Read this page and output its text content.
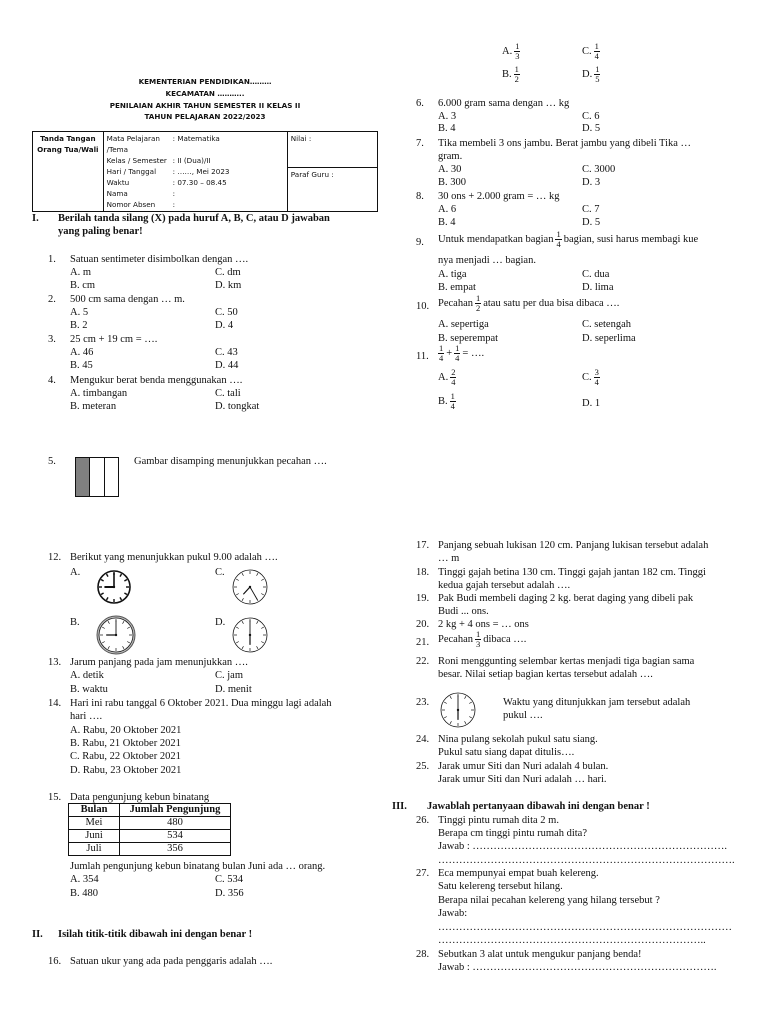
KEMENTERIAN PENDIDIKAN………
KECAMATAN ………..
PENILAIAN AKHIR TAHUN SEMESTER II KELAS II
TAHUN PELAJARAN 2022/2023
Tanda Tangan
Orang Tua/Wali

Mata Pelajaran /Tema
: Matematika
Kelas / Semester : II (Dua)/II
Hari / Tanggal	: ……, Mei 2023
Waktu	: 07.30 – 08.45
Nama	:
Nomor Absen	:

Nilai :
Paraf Guru :
I. Berilah tanda silang (X) pada huruf A, B, C, atau D jawaban
yang paling benar!
1. Satuan sentimeter disimbolkan dengan ….
A. m	C. dm
B. cm	D. km
2. 500 cm sama dengan … m.
A. 5	C. 50
B. 2	D. 4
3. 25 cm + 19 cm = ….
A. 46	C. 43
B. 45	D. 44
4. Mengukur berat benda menggunakan ….
A. timbangan	C. tali
B. meteran	D. tongkat
5.	Gambar disamping menunjukkan pecahan ….
A. $\frac{1}{3}$	C. $\frac{1}{4}$
B. $\frac{1}{2}$	D. $\frac{1}{5}$
6. 6.000 gram sama dengan … kg
A. 3	C. 6
B. 4	D. 5
7. Tika membeli 3 ons jambu. Berat jambu yang dibeli Tika …
gram.
A. 30	C. 3000
B. 300	D. 3
8. 30 ons + 2.000 gram = … kg
A. 6	C. 7
B. 4	D. 5
9. Untuk mendapatkan bagian $\frac{1}{4}$ bagian, susi harus membagi kue
nya menjadi … bagian.
A. tiga	C. dua
B. empat	D. lima
10. Pecahan $\frac{1}{2}$ atau satu per dua bisa dibaca ….
A. sepertiga	C. setengah
B. seperempat	D. seperlima
11. $\frac{1}{4} + \frac{1}{4}$ = ….
A. $\frac{2}{4}$	C. $\frac{3}{4}$
B. $\frac{1}{4}$	D. 1
12. Berikut yang menunjukkan pukul 9.00 adalah ….
A.	C.
B.	D.
13. Jarum panjang pada jam menunjukkan ….
A. detik	C. jam
B. waktu	D. menit
14. Hari ini rabu tanggal 6 Oktober 2021. Dua minggu lagi adalah
hari ….
A. Rabu, 20 Oktober 2021
B. Rabu, 21 Oktober 2021
C. Rabu, 22 Oktober 2021
D. Rabu, 23 Oktober 2021
15. Data pengunjung kebun binatang
Bulan	Jumlah Pengunjung
Mei	480
Juni	534
Juli	356
Jumlah pengunjung kebun binatang bulan Juni ada … orang.
A. 354	C. 534
B. 480	D. 356
II. Isilah titik-titik dibawah ini dengan benar !
16. Satuan ukur yang ada pada penggaris adalah ….
17. Panjang sebuah lukisan 120 cm. Panjang lukisan tersebut adalah
… m
18. Tinggi gajah betina 130 cm. Tinggi gajah jantan 182 cm. Tinggi
kedua gajah tersebut adalah ….
19. Pak Budi membeli daging 2 kg. berat daging yang dibeli pak
Budi ... ons.
20. 2 kg + 4 ons = … ons
21. Pecahan $\frac{1}{3}$ dibaca ….
22. Roni menggunting selembar kertas menjadi tiga bagian sama
besar. Nilai setiap bagian kertas tersebut adalah ….
23.	Waktu yang ditunjukkan jam tersebut adalah
pukul ….
24. Nina pulang sekolah pukul satu siang.
Pukul satu siang dapat ditulis….
25. Jarak umur Siti dan Nuri adalah 4 bulan.
Jarak umur Siti dan Nuri adalah … hari.
III. Jawablah pertanyaan dibawah ini dengan benar !
26. Tinggi pintu rumah dita 2 m.
Berapa cm tinggi pintu rumah dita?
Jawab : ……………………………………………………………….
………………………………………………………………………….
27. Eca mempunyai empat buah kelereng.
Satu kelereng tersebut hilang.
Berapa nilai pecahan kelereng yang hilang tersebut ?
Jawab:
…………………………………………………………………………
…………………………………………………………………..
28. Sebutkan 3 alat untuk mengukur panjang benda!
Jawab : …………………………………………………………….
